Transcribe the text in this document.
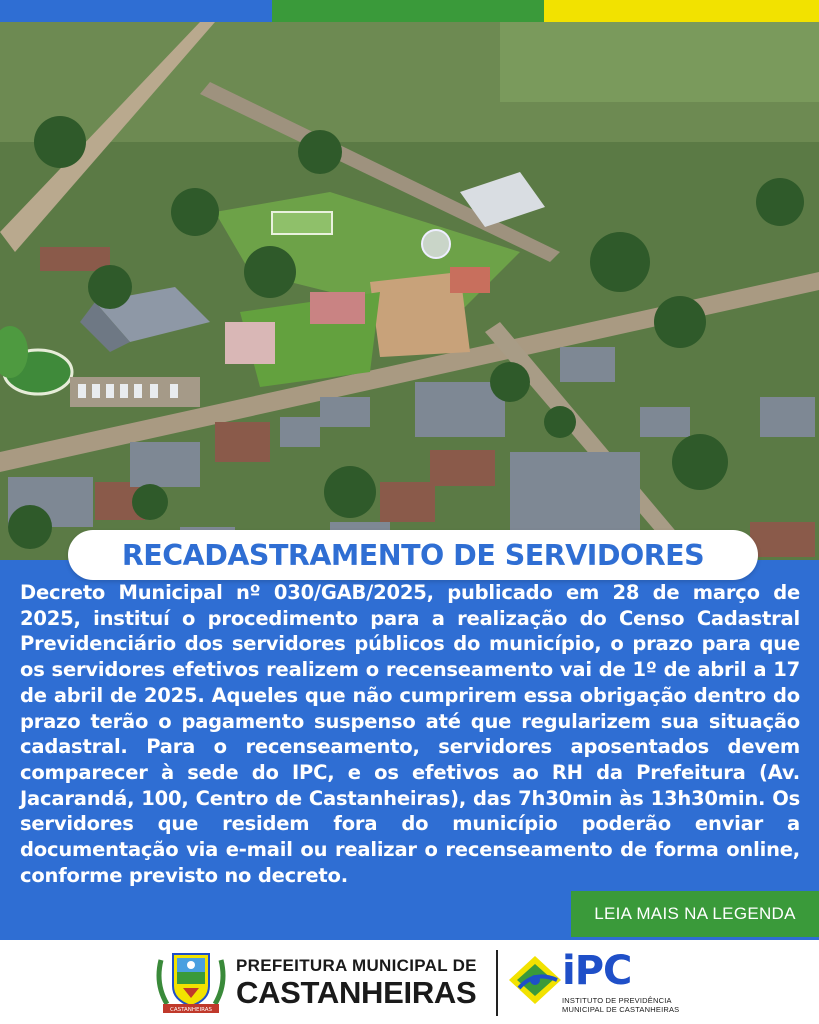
RECADASTRAMENTO DE SERVIDORES
Decreto Municipal nº 030/GAB/2025, publicado em 28 de março de 2025, instituí o procedimento para a realização do Censo Cadastral Previdenciário dos servidores públicos do município, o prazo para que os servidores efetivos realizem o recenseamento vai de 1º de abril a 17 de abril de 2025. Aqueles que não cumprirem essa obrigação dentro do prazo terão o pagamento suspenso até que regularizem sua situação cadastral. Para o recenseamento, servidores aposentados devem comparecer à sede do IPC, e os efetivos ao RH da Prefeitura (Av. Jacarandá, 100, Centro de Castanheiras), das 7h30min às 13h30min. Os servidores que residem fora do município poderão enviar a documentação via e-mail ou realizar o recenseamento de forma online, conforme previsto no decreto.
LEIA MAIS NA LEGENDA
CASTANHEIRAS
PREFEITURA MUNICIPAL DE
CASTANHEIRAS iPC
INSTITUTO DE PREVIDÊNCIA
MUNICIPAL DE CASTANHEIRAS
